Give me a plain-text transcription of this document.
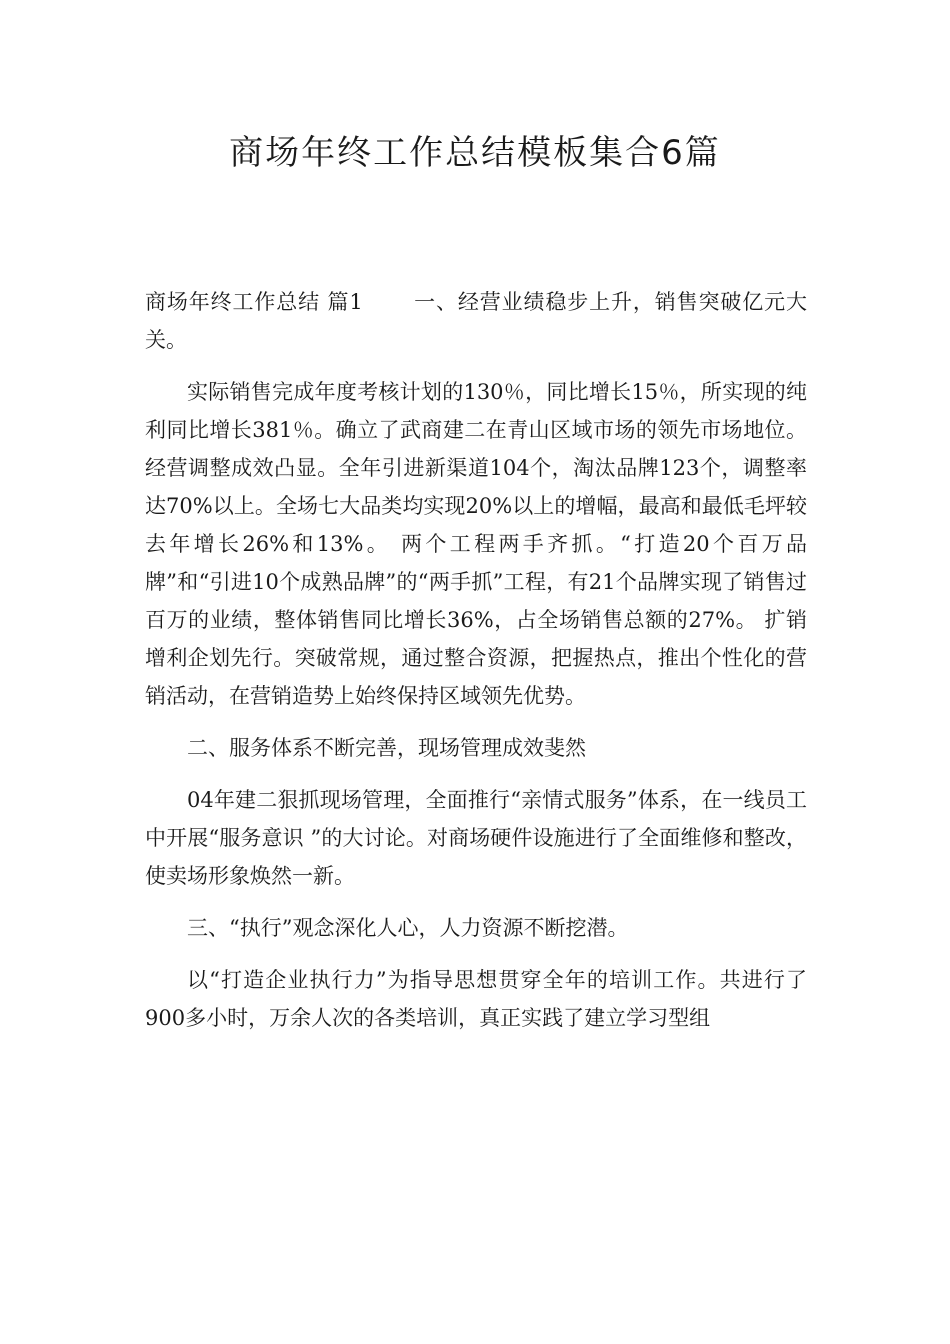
商场年终工作总结模板集合6篇

商场年终工作总结 篇1 　　一、经营业绩稳步上升，销售突破亿元大关。

实际销售完成年度考核计划的130％，同比增长15％，所实现的纯利同比增长381％。确立了武商建二在青山区域市场的领先市场地位。 经营调整成效凸显。全年引进新渠道104个，淘汰品牌123个，调整率达70%以上。全场七大品类均实现20%以上的增幅，最高和最低毛坪较去年增长26%和13%。 两个工程两手齐抓。“打造20个百万品牌”和“引进10个成熟品牌”的“两手抓”工程，有21个品牌实现了销售过百万的业绩，整体销售同比增长36%，占全场销售总额的27%。 扩销增利企划先行。突破常规，通过整合资源，把握热点，推出个性化的营销活动，在营销造势上始终保持区域领先优势。

二、服务体系不断完善，现场管理成效斐然

04年建二狠抓现场管理，全面推行“亲情式服务”体系，在一线员工中开展“服务意识 ”的大讨论。对商场硬件设施进行了全面维修和整改，使卖场形象焕然一新。

三、“执行”观念深化人心，人力资源不断挖潜。

以“打造企业执行力”为指导思想贯穿全年的培训工作。共进行了900多小时，万余人次的各类培训，真正实践了建立学习型组
